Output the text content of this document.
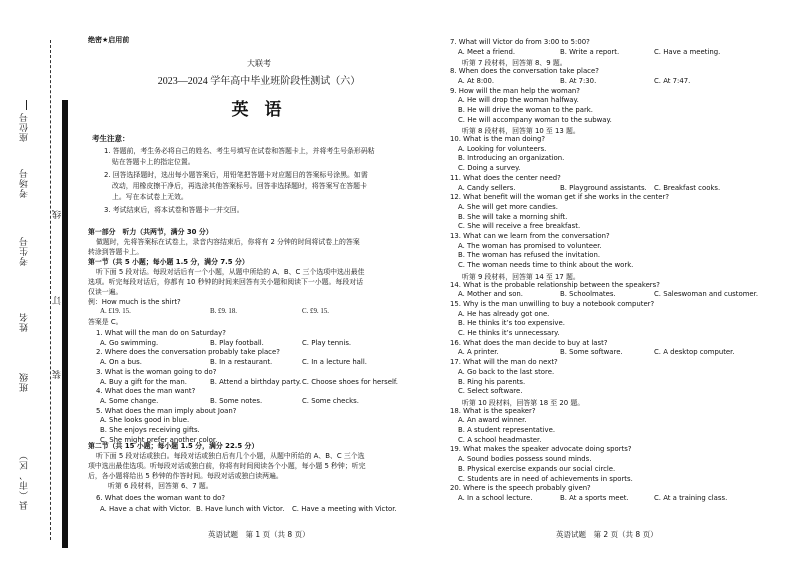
座位号
考场号
考生号
姓名
班级
县（市、区）
线
订
装
绝密★启用前
大联考
2023—2024 学年高中毕业班阶段性测试（六）
英 语
考生注意：
1. 答题前，考生务必将自己的姓名、考生号填写在试卷和答题卡上，并将考生号条形码粘
贴在答题卡上的指定位置。
2. 回答选择题时，选出每小题答案后，用铅笔把答题卡对应题目的答案标号涂黑。如需
改动，用橡皮擦干净后，再选涂其他答案标号。回答非选择题时，将答案写在答题卡
上。写在本试卷上无效。
3. 考试结束后，将本试卷和答题卡一并交回。
第一部分　听力（共两节，满分 30 分）
做题时，先将答案标在试卷上，录音内容结束后，你将有 2 分钟的时间将试卷上的答案
转涂到答题卡上。
第一节（共 5 小题；每小题 1.5 分，满分 7.5 分）
听下面 5 段对话。每段对话后有一个小题，从题中所给的 A、B、C 三个选项中选出最佳
选项。听完每段对话后，你都有 10 秒钟的时间来回答有关小题和阅读下一小题。每段对话
仅读一遍。
例：How much is the shirt?
A. £19. 15.	B. £9. 18.	C. £9. 15.
答案是 C。
第二节（共 15 小题；每小题 1.5 分，满分 22.5 分）
听下面 5 段对话或独白。每段对话或独白后有几个小题，从题中所给的 A、B、C 三个选
项中选出最佳选项。听每段对话或独白前，你将有时间阅读各个小题，每小题 5 秒钟；听完
后，各小题将给出 5 秒钟的作答时间。每段对话或独白读两遍。
听第 6 段材料，回答第 6、7 题。
英语试题　第 1 页（共 8 页）	英语试题　第 2 页（共 8 页）
1. What will the man do on Saturday?
A. Go swimming.	B. Play football.	C. Play tennis.
2. Where does the conversation probably take place?
A. On a bus.	B. In a restaurant.	C. In a lecture hall.
3. What is the woman going to do?
A. Buy a gift for the man.	B. Attend a birthday party. C. Choose shoes for herself.
4. What does the man want?
A. Some change.	B. Some notes.	C. Some checks.
5. What does the man imply about Joan?
A. She looks good in blue.
B. She enjoys receiving gifts.
C. She might prefer another color.
6. What does the woman want to do?
A. Have a chat with Victor. B. Have lunch with Victor. C. Have a meeting with Victor.
7. What will Victor do from 3:00 to 5:00?
A. Meet a friend.	B. Write a report.	C. Have a meeting.
听第 7 段材料，回答第 8、9 题。
8. When does the conversation take place?
A. At 8:00.	B. At 7:30.	C. At 7:47.
9. How will the man help the woman?
A. He will drop the woman halfway.
B. He will drive the woman to the park.
C. He will accompany woman to the subway.
听第 8 段材料，回答第 10 至 13 题。
10. What is the man doing?
A. Looking for volunteers.
B. Introducing an organization.
C. Doing a survey.
11. What does the center need?
A. Candy sellers.	B. Playground assistants. C. Breakfast cooks.
12. What benefit will the woman get if she works in the center?
A. She will get more candies.
B. She will take a morning shift.
C. She will receive a free breakfast.
13. What can we learn from the conversation?
A. The woman has promised to volunteer.
B. The woman has refused the invitation.
C. The woman needs time to think about the work.
听第 9 段材料，回答第 14 至 17 题。
14. What is the probable relationship between the speakers?
A. Mother and son.	B. Schoolmates.	C. Saleswoman and customer.
15. Why is the man unwilling to buy a notebook computer?
A. He has already got one.
B. He thinks it’s too expensive.
C. He thinks it’s unnecessary.
16. What does the man decide to buy at last?
A. A printer.	B. Some software.	C. A desktop computer.
17. What will the man do next?
A. Go back to the last store.
B. Ring his parents.
C. Select software.
听第 10 段材料，回答第 18 至 20 题。
18. What is the speaker?
A. An award winner.
B. A student representative.
C. A school headmaster.
19. What makes the speaker advocate doing sports?
A. Sound bodies possess sound minds.
B. Physical exercise expands our social circle.
C. Students are in need of achievements in sports.
20. Where is the speech probably given?
A. In a school lecture.	B. At a sports meet.	C. At a training class.
